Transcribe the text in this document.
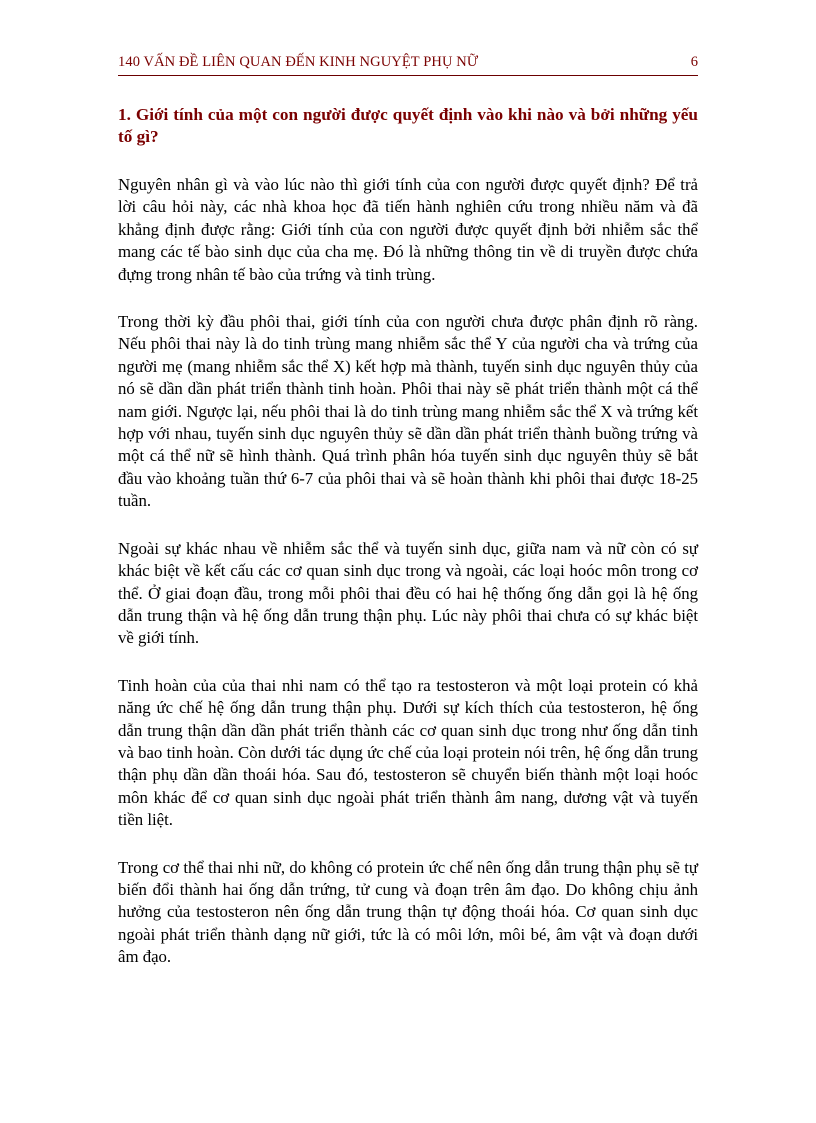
140 VẤN ĐỀ LIÊN QUAN ĐẾN KINH NGUYỆT PHỤ NỮ	6
1. Giới tính của một con người được quyết định vào khi nào và bởi những yếu tố gì?

Nguyên nhân gì và vào lúc nào thì giới tính của con người được quyết định? Để trả lời câu hỏi này, các nhà khoa học đã tiến hành nghiên cứu trong nhiều năm và đã khẳng định được rằng: Giới tính của con người được quyết định bởi nhiễm sắc thể mang các tế bào sinh dục của cha mẹ. Đó là những thông tin về di truyền được chứa đựng trong nhân tế bào của trứng và tinh trùng.

Trong thời kỳ đầu phôi thai, giới tính của con người chưa được phân định rõ ràng. Nếu phôi thai này là do tinh trùng mang nhiễm sắc thể Y của người cha và trứng của người mẹ (mang nhiễm sắc thể X) kết hợp mà thành, tuyến sinh dục nguyên thủy của nó sẽ dần dần phát triển thành tinh hoàn. Phôi thai này sẽ phát triển thành một cá thể nam giới. Ngược lại, nếu phôi thai là do tinh trùng mang nhiễm sắc thể X và trứng kết hợp với nhau, tuyến sinh dục nguyên thủy sẽ dần dần phát triển thành buồng trứng và một cá thể nữ sẽ hình thành. Quá trình phân hóa tuyến sinh dục nguyên thủy sẽ bắt đầu vào khoảng tuần thứ 6-7 của phôi thai và sẽ hoàn thành khi phôi thai được 18-25 tuần.

Ngoài sự khác nhau về nhiễm sắc thể và tuyến sinh dục, giữa nam và nữ còn có sự khác biệt về kết cấu các cơ quan sinh dục trong và ngoài, các loại hoóc môn trong cơ thể. Ở giai đoạn đầu, trong mỗi phôi thai đều có hai hệ thống ống dẫn gọi là hệ ống dẫn trung thận và hệ ống dẫn trung thận phụ. Lúc này phôi thai chưa có sự khác biệt về giới tính.

Tinh hoàn của của thai nhi nam có thể tạo ra testosteron và một loại protein có khả năng ức chế hệ ống dẫn trung thận phụ. Dưới sự kích thích của testosteron, hệ ống dẫn trung thận dần dần phát triển thành các cơ quan sinh dục trong như ống dẫn tinh và bao tinh hoàn. Còn dưới tác dụng ức chế của loại protein nói trên, hệ ống dẫn trung thận phụ dần dần thoái hóa. Sau đó, testosteron sẽ chuyển biến thành một loại hoóc môn khác để cơ quan sinh dục ngoài phát triển thành âm nang, dương vật và tuyến tiền liệt.

Trong cơ thể thai nhi nữ, do không có protein ức chế nên ống dẫn trung thận phụ sẽ tự biến đổi thành hai ống dẫn trứng, tử cung và đoạn trên âm đạo. Do không chịu ảnh hưởng của testosteron nên ống dẫn trung thận tự động thoái hóa. Cơ quan sinh dục ngoài phát triển thành dạng nữ giới, tức là có môi lớn, môi bé, âm vật và đoạn dưới âm đạo.
